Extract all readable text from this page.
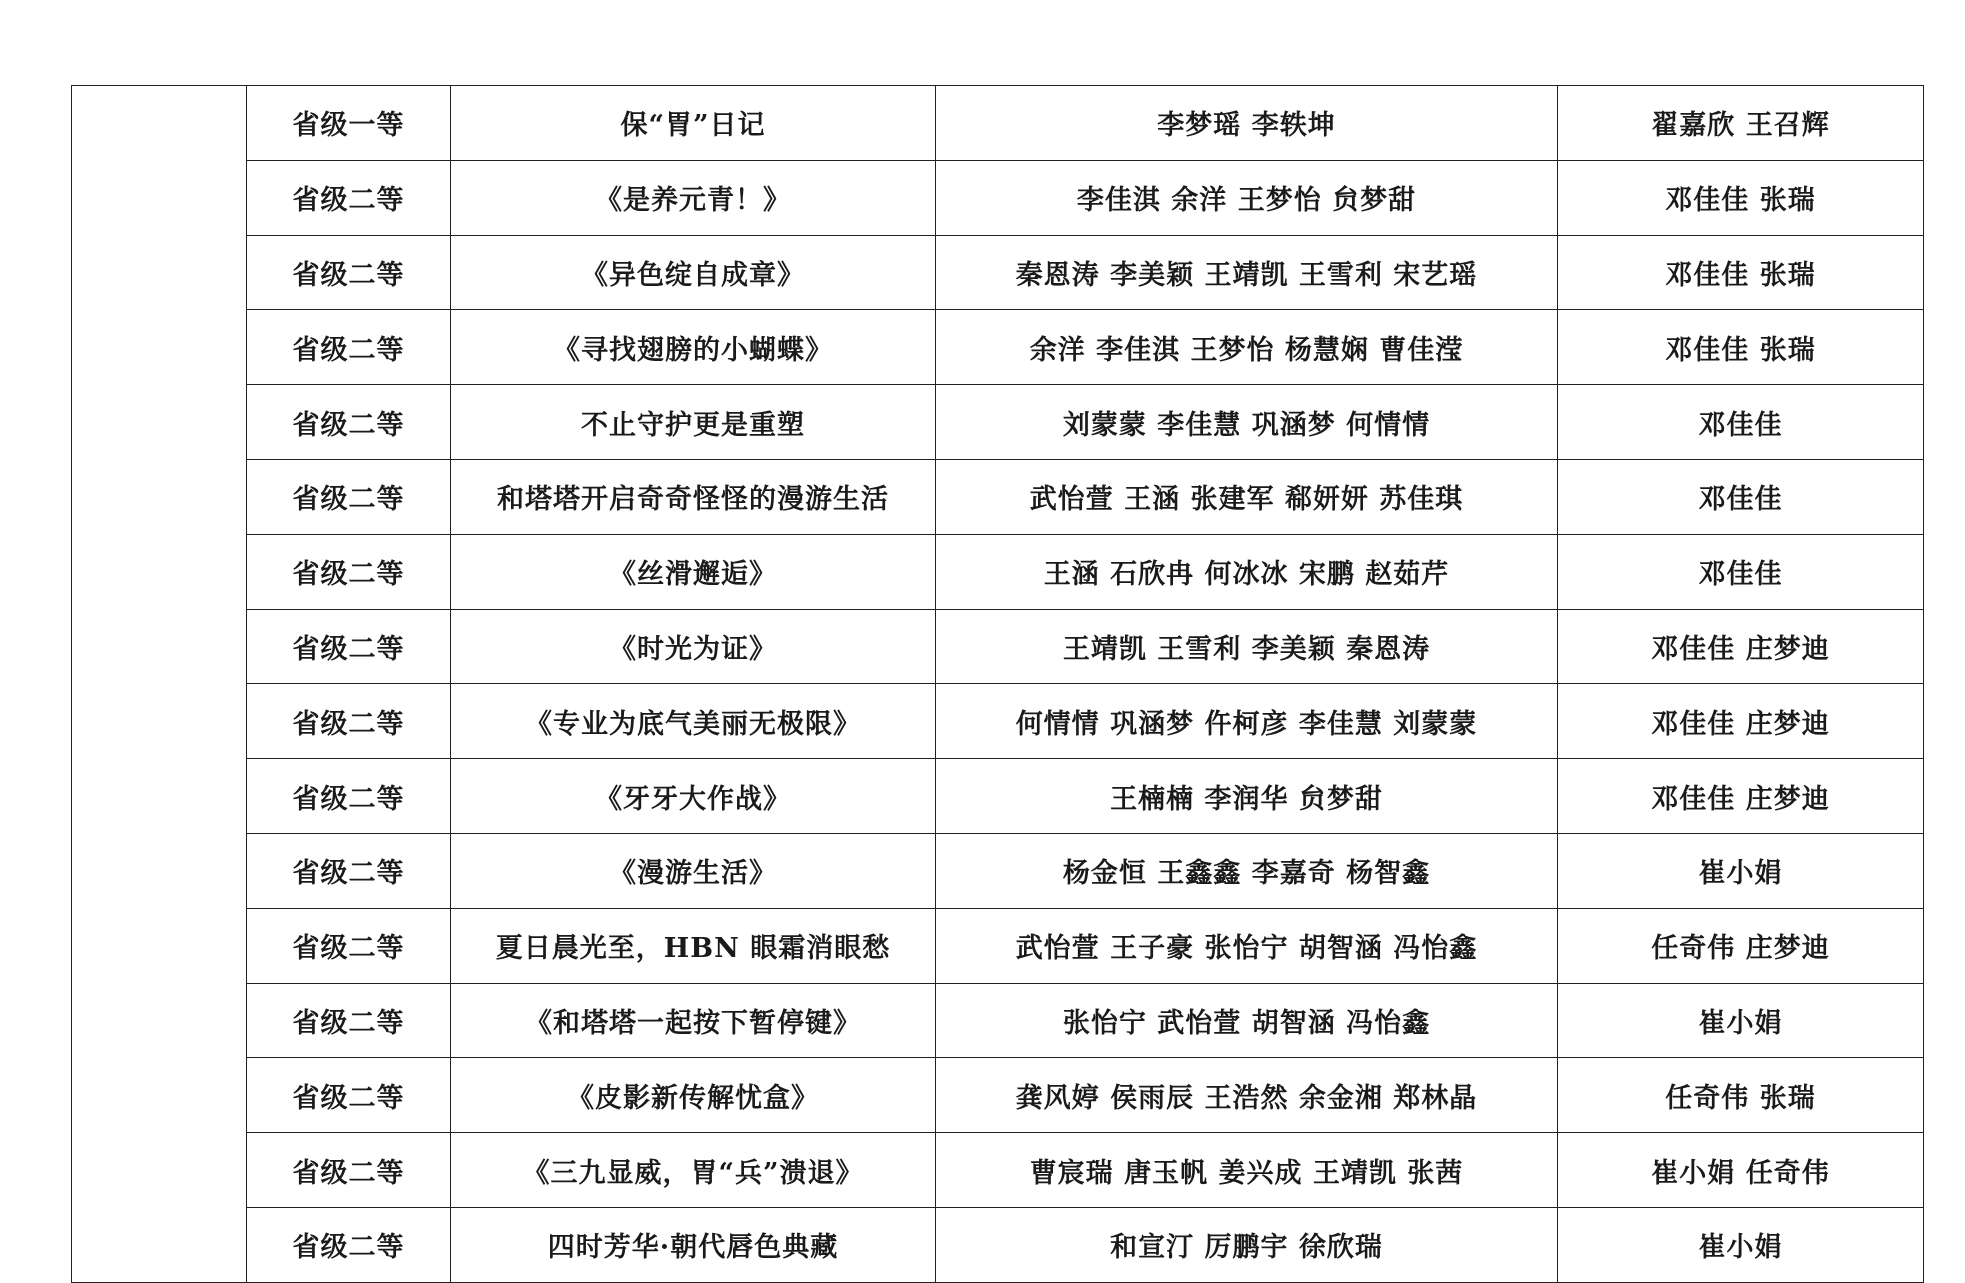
	省级一等	保“胃”日记	李梦瑶 李轶坤	翟嘉欣 王召辉
	省级二等	《是养元青！》	李佳淇 余洋 王梦怡 贠梦甜	邓佳佳 张瑞
	省级二等	《异色绽自成章》	秦恩涛 李美颖 王靖凯 王雪利 宋艺瑶	邓佳佳 张瑞
	省级二等	《寻找翅膀的小蝴蝶》	余洋 李佳淇 王梦怡 杨慧娴 曹佳滢	邓佳佳 张瑞
	省级二等	不止守护更是重塑	刘蒙蒙 李佳慧 巩涵梦 何情情	邓佳佳
	省级二等	和塔塔开启奇奇怪怪的漫游生活	武怡萱 王涵 张建军 郗妍妍 苏佳琪	邓佳佳
	省级二等	《丝滑邂逅》	王涵 石欣冉 何冰冰 宋鹏 赵茹芹	邓佳佳
	省级二等	《时光为证》	王靖凯 王雪利 李美颖 秦恩涛	邓佳佳 庄梦迪
	省级二等	《专业为底气美丽无极限》	何情情 巩涵梦 仵柯彦 李佳慧 刘蒙蒙	邓佳佳 庄梦迪
	省级二等	《牙牙大作战》	王楠楠 李润华 贠梦甜	邓佳佳 庄梦迪
	省级二等	《漫游生活》	杨金恒 王鑫鑫 李嘉奇 杨智鑫	崔小娟
	省级二等	夏日晨光至，HBN 眼霜消眼愁	武怡萱 王子豪 张怡宁 胡智涵 冯怡鑫	任奇伟 庄梦迪
	省级二等	《和塔塔一起按下暂停键》	张怡宁 武怡萱 胡智涵 冯怡鑫	崔小娟
	省级二等	《皮影新传解忧盒》	龚风婷 侯雨辰 王浩然 余金湘 郑林晶	任奇伟 张瑞
	省级二等	《三九显威，胃“兵”溃退》	曹宸瑞 唐玉帆 姜兴成 王靖凯 张茜	崔小娟 任奇伟
	省级二等	四时芳华·朝代唇色典藏	和宣汀 厉鹏宇 徐欣瑞	崔小娟
